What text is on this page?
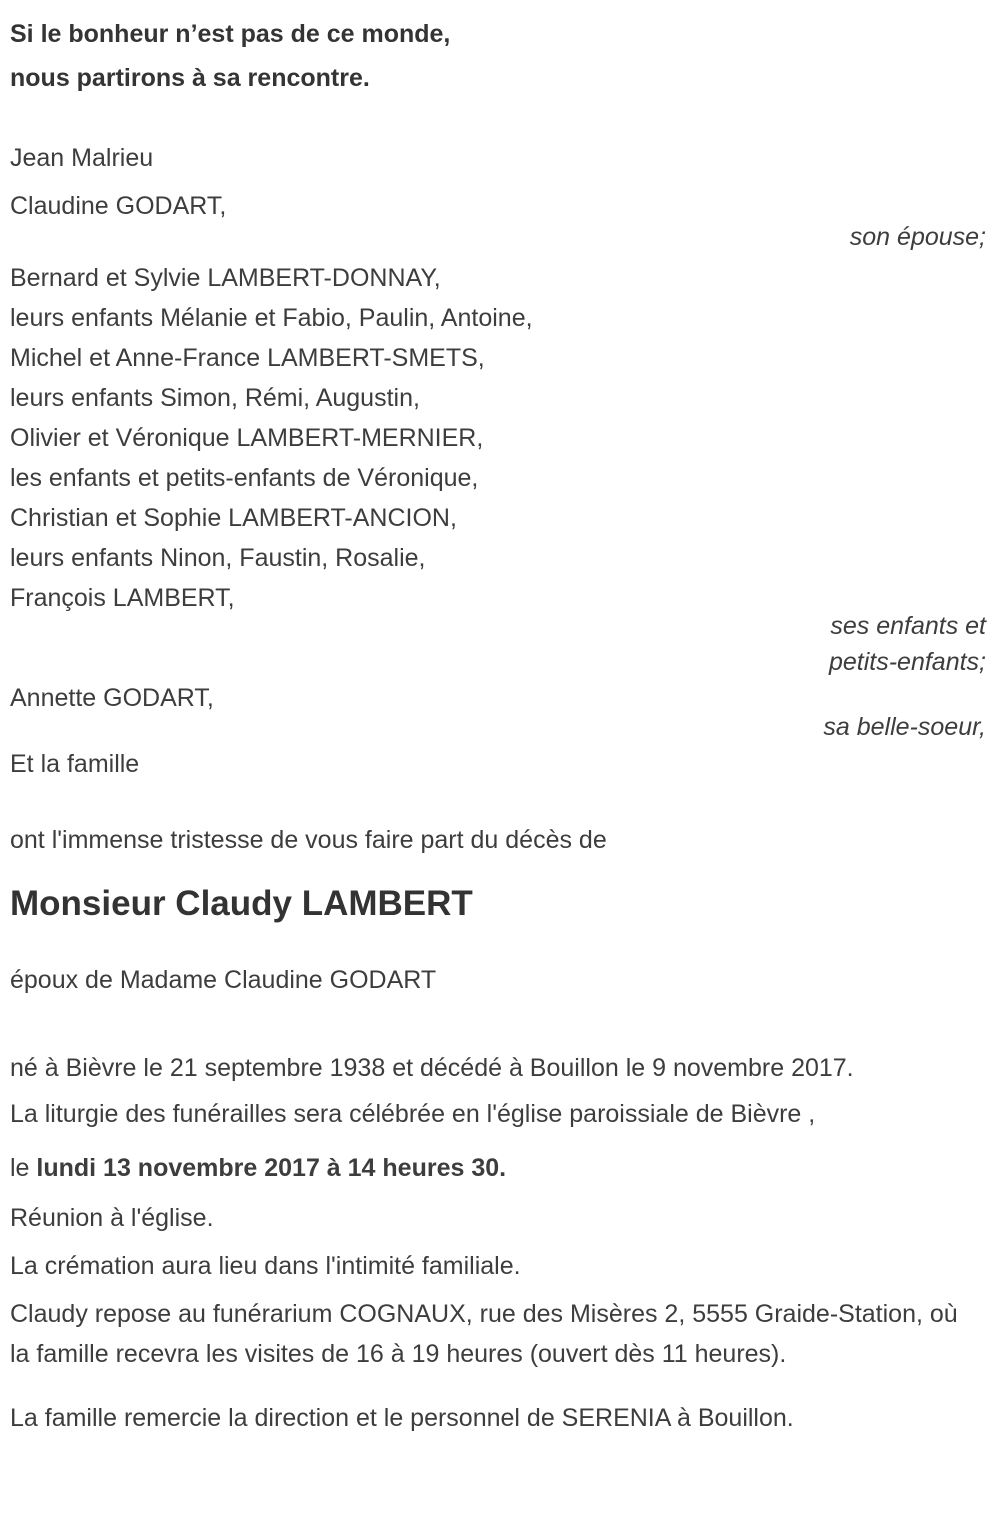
Si le bonheur n’est pas de ce monde,
nous partirons à sa rencontre.
Jean Malrieu
Claudine GODART,
son épouse;
Bernard et Sylvie LAMBERT-DONNAY,
leurs enfants Mélanie et Fabio, Paulin, Antoine,
Michel et Anne-France LAMBERT-SMETS,
leurs enfants Simon, Rémi, Augustin,
Olivier et Véronique LAMBERT-MERNIER,
les enfants et petits-enfants de Véronique,
Christian et Sophie LAMBERT-ANCION,
leurs enfants Ninon, Faustin, Rosalie,
François LAMBERT,
ses enfants et
petits-enfants;
Annette GODART,
sa belle-soeur,
Et la famille
ont l'immense tristesse de vous faire part du décès de
Monsieur Claudy LAMBERT
époux de Madame Claudine GODART
né à Bièvre le 21 septembre 1938 et décédé à Bouillon le 9 novembre 2017.
La liturgie des funérailles sera célébrée en l'église paroissiale de Bièvre ,
le lundi 13 novembre 2017 à 14 heures 30.
Réunion à l'église.
La crémation aura lieu dans l'intimité familiale.
Claudy repose au funérarium COGNAUX, rue des Misères 2, 5555 Graide-Station, où la famille recevra les visites de 16 à 19 heures (ouvert dès 11 heures).
La famille remercie la direction et le personnel de SERENIA à Bouillon.
